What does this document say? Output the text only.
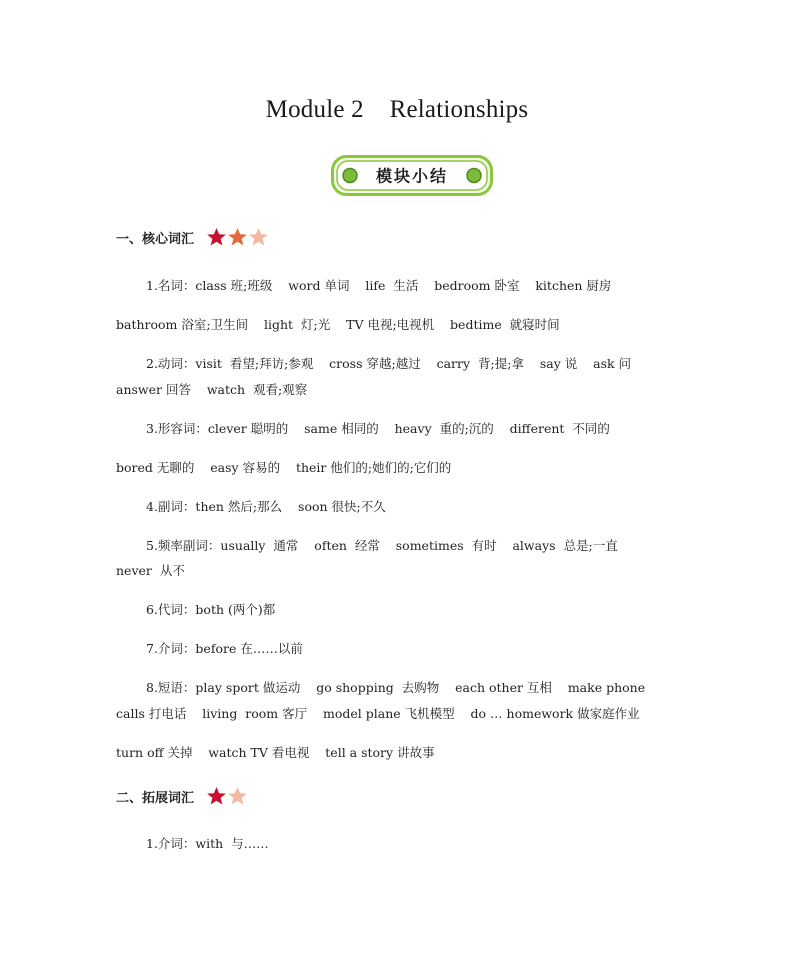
Module 2    Relationships
模块小结
一、核心词汇
1.名词：class 班;班级    word 单词    life  生活    bedroom 卧室    kitchen 厨房
bathroom 浴室;卫生间    light  灯;光    TV 电视;电视机    bedtime  就寝时间
2.动词：visit  看望;拜访;参观    cross 穿越;越过    carry  背;提;拿    say 说    ask 问
answer 回答    watch  观看;观察
3.形容词：clever 聪明的    same 相同的    heavy  重的;沉的    different  不同的
bored 无聊的    easy 容易的    their 他们的;她们的;它们的
4.副词：then 然后;那么    soon 很快;不久
5.频率副词：usually  通常    often  经常    sometimes  有时    always  总是;一直
never  从不
6.代词：both (两个)都
7.介词：before 在……以前
8.短语：play sport 做运动    go shopping  去购物    each other 互相    make phone
calls 打电话    living  room 客厅    model plane 飞机模型    do … homework 做家庭作业
turn off 关掉    watch TV 看电视    tell a story 讲故事
二、拓展词汇
1.介词：with  与……
